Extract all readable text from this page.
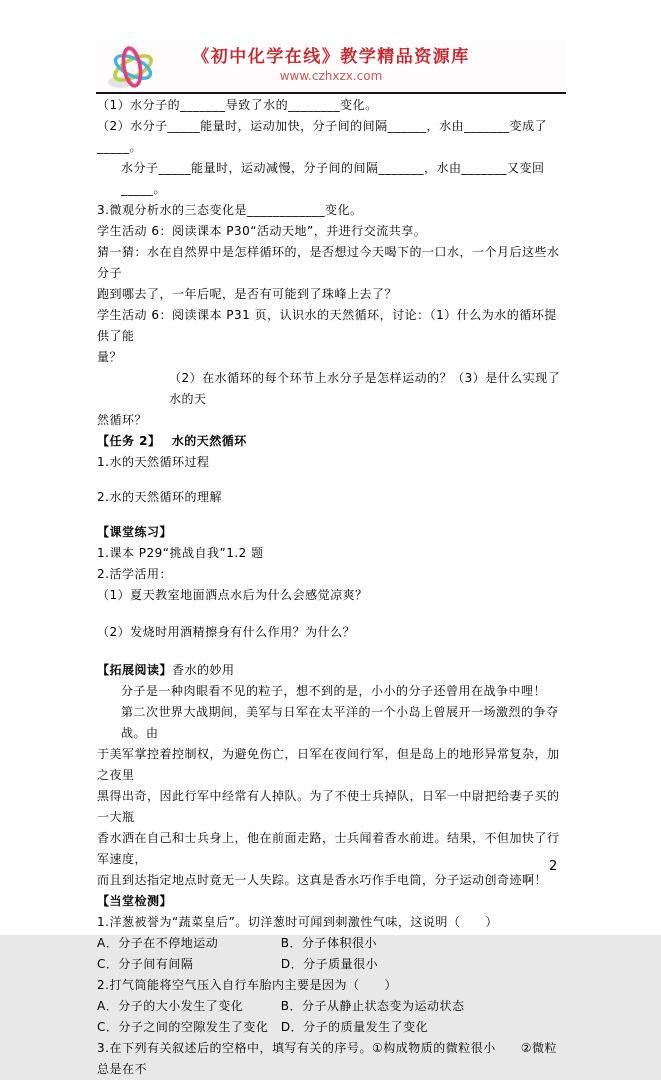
《初中化学在线》教学精品资源库
www.czhxzx.com

（1）水分子的_______导致了水的________变化。

（2）水分子_____能量时，运动加快，分子间的间隔______，水由_______变成了_____。

水分子_____能量时，运动减慢，分子间的间隔_______，水由_______又变回_____。

3.微观分析水的三态变化是____________变化。

学生活动 6：阅读课本 P30“活动天地”，并进行交流共享。

猜一猜：水在自然界中是怎样循环的，是否想过今天喝下的一口水，一个月后这些水分子

跑到哪去了，一年后呢，是否有可能到了珠峰上去了？

学生活动 6：阅读课本 P31 页，认识水的天然循环，讨论：（1）什么为水的循环提供了能

量？

（2）在水循环的每个环节上水分子是怎样运动的？（3）是什么实现了水的天

然循环？

【任务 2】　 水的天然循环

1.水的天然循环过程

2.水的天然循环的理解

【课堂练习】

1.课本 P29“挑战自我”1.2 题

2.活学活用：

（1）夏天教室地面洒点水后为什么会感觉凉爽？

（2）发烧时用酒精擦身有什么作用？为什么？

【拓展阅读】香水的妙用

分子是一种肉眼看不见的粒子，想不到的是，小小的分子还曾用在战争中哩！

第二次世界大战期间，美军与日军在太平洋的一个小岛上曾展开一场激烈的争夺战。由

于美军掌控着控制权，为避免伤亡，日军在夜间行军，但是岛上的地形异常复杂，加之夜里

黑得出奇，因此行军中经常有人掉队。为了不使士兵掉队，日军一中尉把给妻子买的一大瓶

香水洒在自己和士兵身上，他在前面走路，士兵闻着香水前进。结果，不但加快了行军速度，

而且到达指定地点时竟无一人失踪。这真是香水巧作手电筒，分子运动创奇迹啊！

【当堂检测】

1.洋葱被誉为“蔬菜皇后”。切洋葱时可闻到刺激性气味，这说明（　　）

A．分子在不停地运动　　　　　B．分子体积很小

C．分子间有间隔　　　　　　　D．分子质量很小

2.打气筒能将空气压入自行车胎内主要是因为（　　）

A．分子的大小发生了变化　　　B．分子从静止状态变为运动状态

C．分子之间的空隙发生了变化　D．分子的质量发生了变化

3.在下列有关叙述后的空格中，填写有关的序号。①构成物质的微粒很小　　②微粒总是在不

2
